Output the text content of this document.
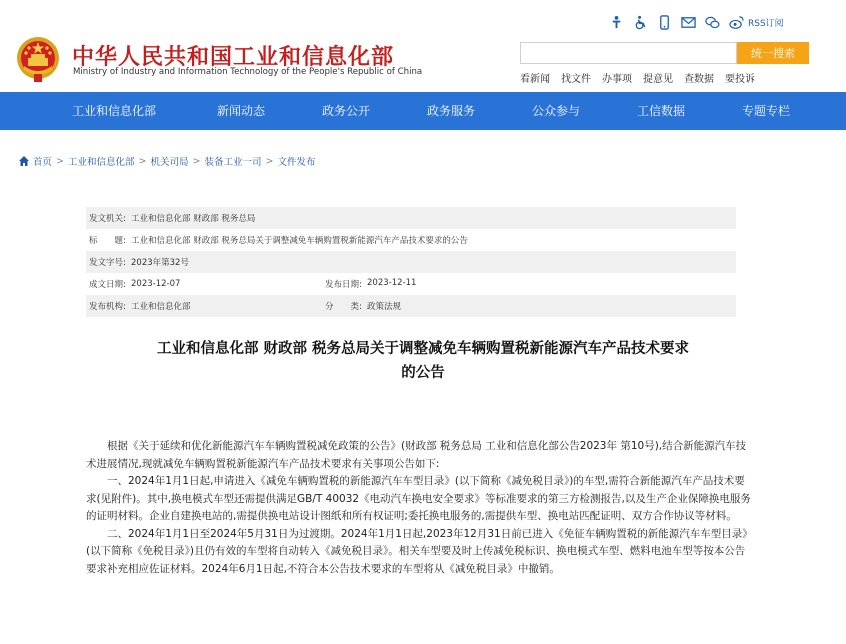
中华人民共和国工业和信息化部
Ministry of Industry and Information Technology of the People's Republic of China
RSS订阅
统一搜索
看新闻 找文件 办事项 提意见 查数据 要投诉
工业和信息化部	新闻动态	政务公开	政务服务	公众参与	工信数据	专题专栏
首页 > 工业和信息化部 > 机关司局 > 装备工业一司 > 文件发布
发文机关: 工业和信息化部 财政部 税务总局
标　　题: 工业和信息化部 财政部 税务总局关于调整减免车辆购置税新能源汽车产品技术要求的公告
发文字号: 2023年第32号
成文日期: 2023-12-07	发布日期: 2023-12-11
发布机构: 工业和信息化部	分　　类: 政策法规
工业和信息化部 财政部 税务总局关于调整减免车辆购置税新能源汽车产品技术要求
的公告

根据《关于延续和优化新能源汽车车辆购置税减免政策的公告》(财政部 税务总局 工业和信息化部公告2023年 第10号),结合新能源汽车技术进展情况,现就减免车辆购置税新能源汽车产品技术要求有关事项公告如下:

一、2024年1月1日起,申请进入《减免车辆购置税的新能源汽车车型目录》(以下简称《减免税目录》)的车型,需符合新能源汽车产品技术要求(见附件)。其中,换电模式车型还需提供满足GB/T 40032《电动汽车换电安全要求》等标准要求的第三方检测报告,以及生产企业保障换电服务的证明材料。企业自建换电站的,需提供换电站设计图纸和所有权证明;委托换电服务的,需提供车型、换电站匹配证明、双方合作协议等材料。

二、2024年1月1日至2024年5月31日为过渡期。2024年1月1日起,2023年12月31日前已进入《免征车辆购置税的新能源汽车车型目录》(以下简称《免税目录》)且仍有效的车型将自动转入《减免税目录》。相关车型要及时上传减免税标识、换电模式车型、燃料电池车型等按本公告要求补充相应佐证材料。2024年6月1日起,不符合本公告技术要求的车型将从《减免税目录》中撤销。
